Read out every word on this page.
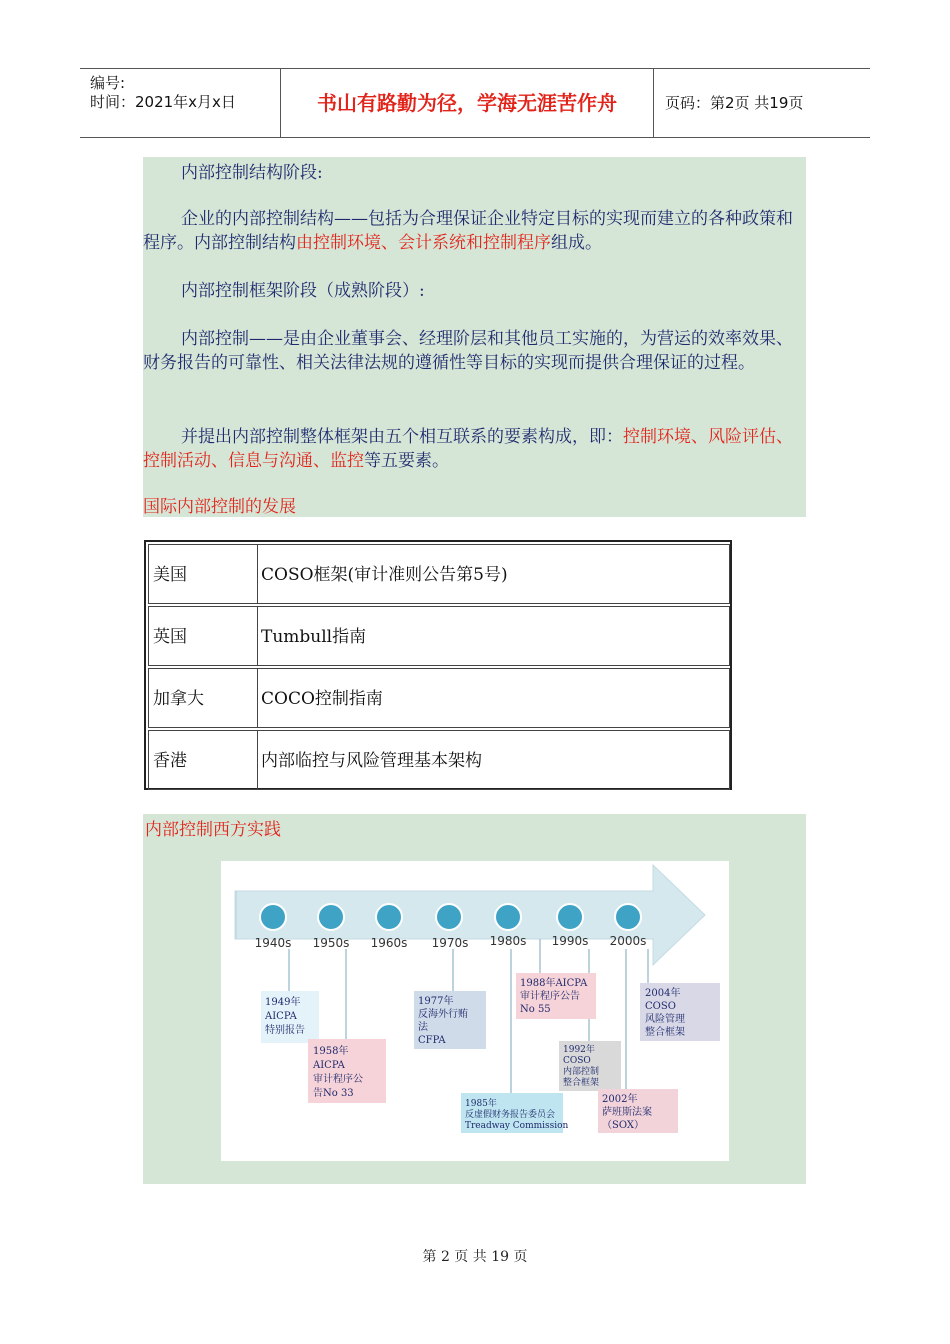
编号:
时间：2021年x月x日	书山有路勤为径，学海无涯苦作舟	页码：第2页 共19页
内部控制结构阶段:
企业的内部控制结构——包括为合理保证企业特定目标的实现而建立的各种政策和程序。内部控制结构由控制环境、会计系统和控制程序组成。
内部控制框架阶段（成熟阶段）:
内部控制——是由企业董事会、经理阶层和其他员工实施的，为营运的效率效果、财务报告的可靠性、相关法律法规的遵循性等目标的实现而提供合理保证的过程。
并提出内部控制整体框架由五个相互联系的要素构成，即：控制环境、风险评估、控制活动、信息与沟通、监控等五要素。
国际内部控制的发展
美国	COSO框架(审计准则公告第5号)
英国	Tumbull指南
加拿大	COCO控制指南
香港	内部临控与风险管理基本架构
内部控制西方实践
1940s 1950s 1960s 1970s 1980s 1990s 2000s
1949年
AICPA
特别报告
1958年
AICPA
审计程序公
告No 33
1977年
反海外行贿
法
CFPA
1985年
反虚假财务报告委员会
Treadway Commission
1988年AICPA
审计程序公告
No 55
1992年
COSO
内部控制
整合框架
2002年
萨班斯法案
（SOX）
2004年
COSO
风险管理
整合框架
第 2 页 共 19 页
